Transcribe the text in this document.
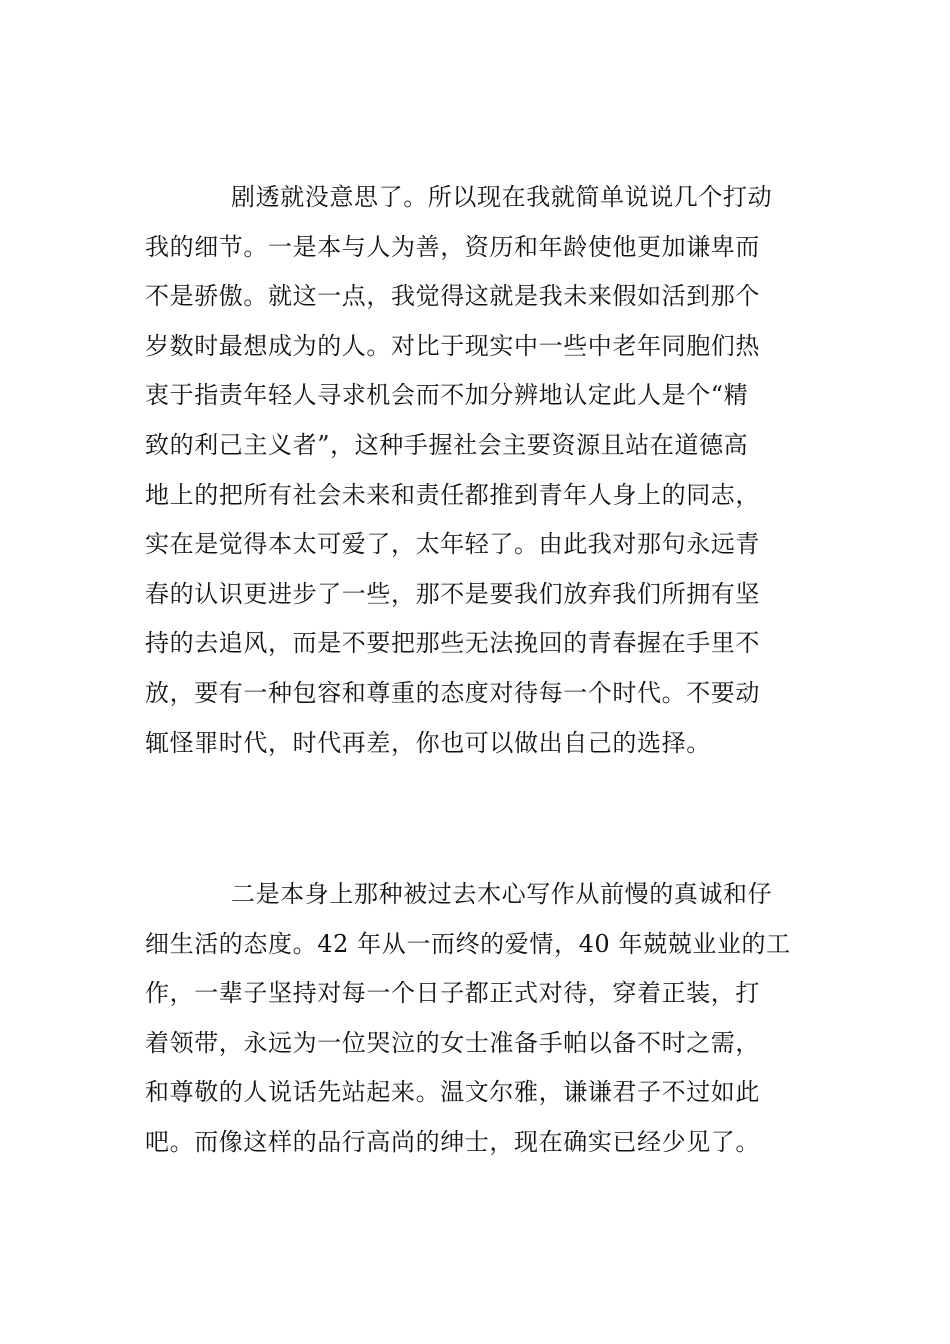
剧透就没意思了。所以现在我就简单说说几个打动
我的细节。一是本与人为善，资历和年龄使他更加谦卑而
不是骄傲。就这一点，我觉得这就是我未来假如活到那个
岁数时最想成为的人。对比于现实中一些中老年同胞们热
衷于指责年轻人寻求机会而不加分辨地认定此人是个“精
致的利己主义者”，这种手握社会主要资源且站在道德高
地上的把所有社会未来和责任都推到青年人身上的同志，
实在是觉得本太可爱了，太年轻了。由此我对那句永远青
春的认识更进步了一些，那不是要我们放弃我们所拥有坚
持的去追风，而是不要把那些无法挽回的青春握在手里不
放，要有一种包容和尊重的态度对待每一个时代。不要动
辄怪罪时代，时代再差，你也可以做出自己的选择。
二是本身上那种被过去木心写作从前慢的真诚和仔
细生活的态度。42 年从一而终的爱情，40 年兢兢业业的工
作，一辈子坚持对每一个日子都正式对待，穿着正装，打
着领带，永远为一位哭泣的女士准备手帕以备不时之需，
和尊敬的人说话先站起来。温文尔雅，谦谦君子不过如此
吧。而像这样的品行高尚的绅士，现在确实已经少见了。
